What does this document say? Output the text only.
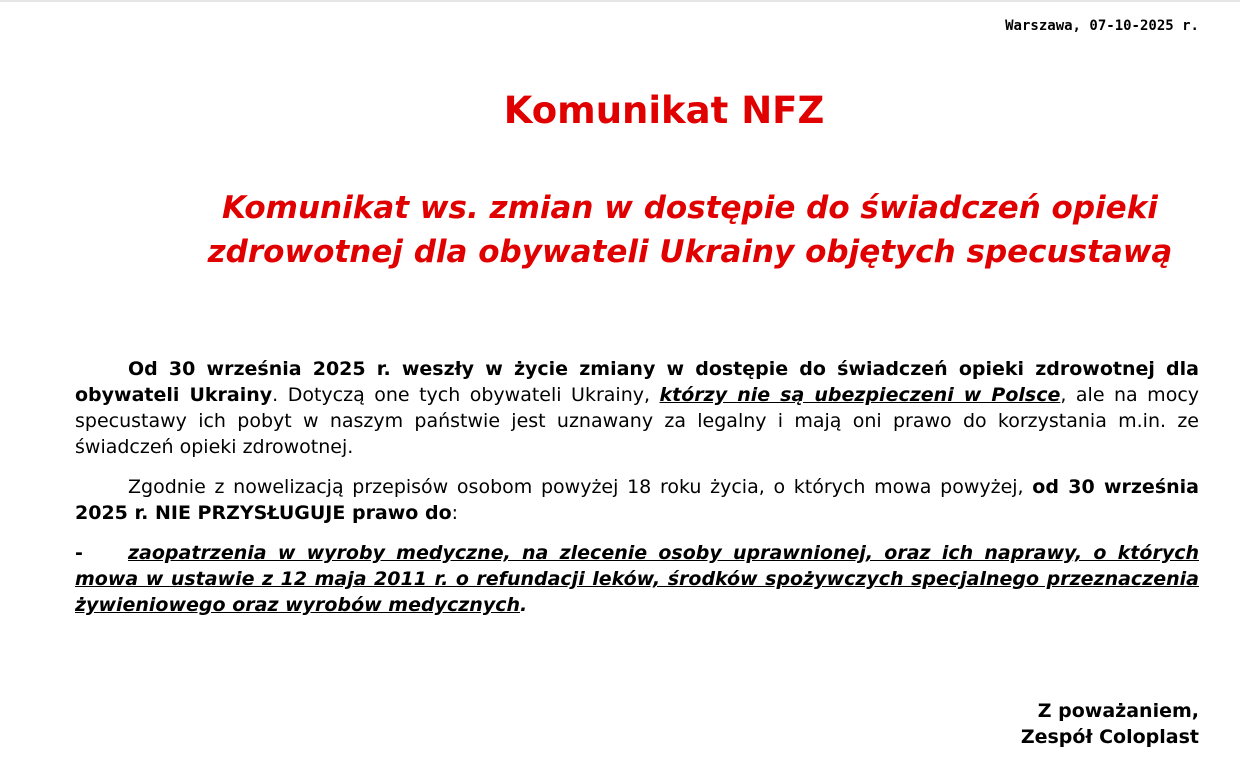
Warszawa, 07-10-2025 r.
Komunikat NFZ
Komunikat ws. zmian w dostępie do świadczeń opieki zdrowotnej dla obywateli Ukrainy objętych specustawą

Od 30 września 2025 r. weszły w życie zmiany w dostępie do świadczeń opieki zdrowotnej dla obywateli Ukrainy. Dotyczą one tych obywateli Ukrainy, którzy nie są ubezpieczeni w Polsce, ale na mocy specustawy ich pobyt w naszym państwie jest uznawany za legalny i mają oni prawo do korzystania m.in. ze świadczeń opieki zdrowotnej.

Zgodnie z nowelizacją przepisów osobom powyżej 18 roku życia, o których mowa powyżej, od 30 września 2025 r. NIE PRZYSŁUGUJE prawo do:

-	zaopatrzenia w wyroby medyczne, na zlecenie osoby uprawnionej, oraz ich naprawy, o których mowa w ustawie z 12 maja 2011 r. o refundacji leków, środków spożywczych specjalnego przeznaczenia żywieniowego oraz wyrobów medycznych.
Z poważaniem,
Zespół Coloplast
